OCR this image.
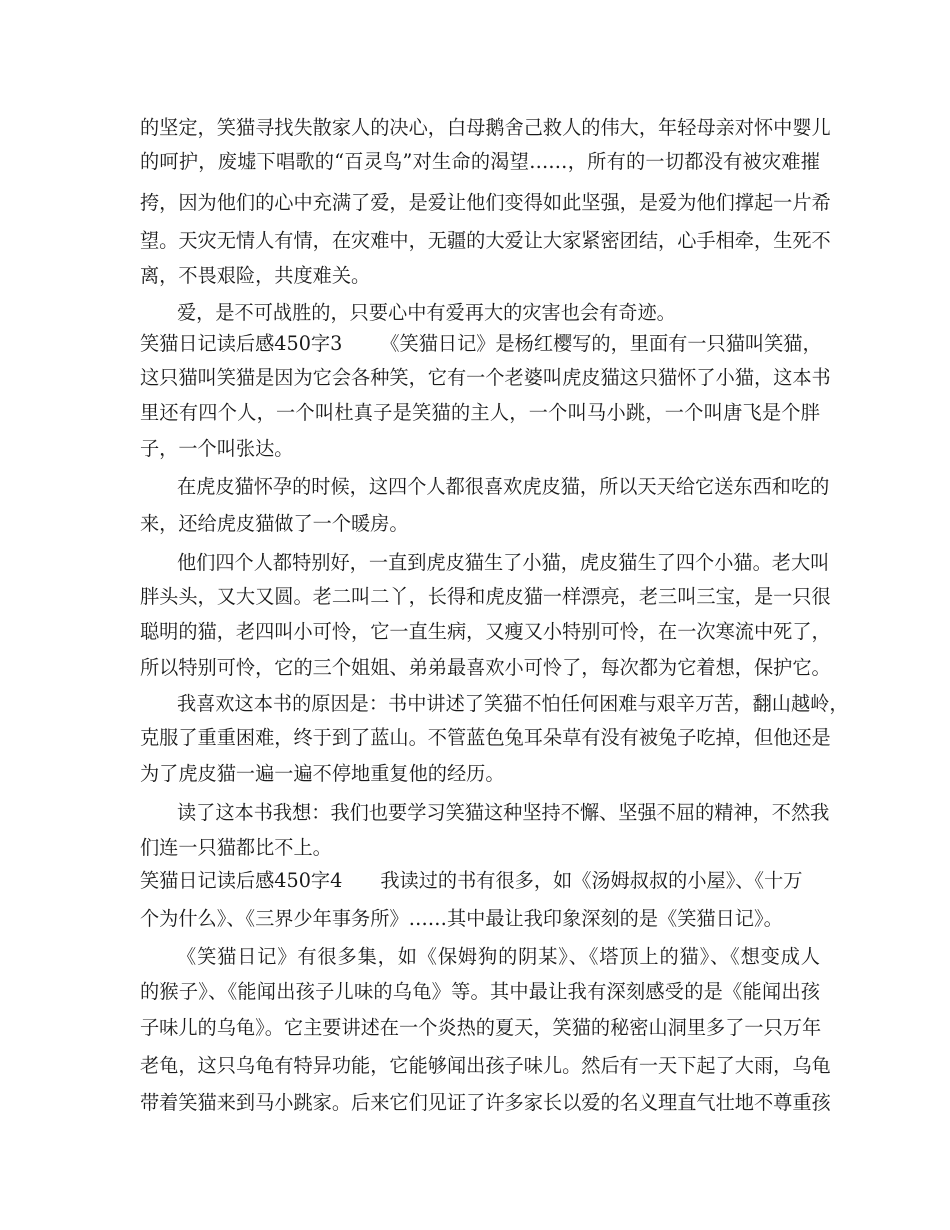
的坚定，笑猫寻找失散家人的决心，白母鹅舍己救人的伟大，年轻母亲对怀中婴儿
的呵护，废墟下唱歌的“百灵鸟”对生命的渴望……，所有的一切都没有被灾难摧
挎，因为他们的心中充满了爱，是爱让他们变得如此坚强，是爱为他们撑起一片希
望。天灾无情人有情，在灾难中，无疆的大爱让大家紧密团结，心手相牵，生死不
离，不畏艰险，共度难关。
爱，是不可战胜的，只要心中有爱再大的灾害也会有奇迹。
笑猫日记读后感450字3 《笑猫日记》是杨红樱写的，里面有一只猫叫笑猫，
这只猫叫笑猫是因为它会各种笑，它有一个老婆叫虎皮猫这只猫怀了小猫，这本书
里还有四个人，一个叫杜真子是笑猫的主人，一个叫马小跳，一个叫唐飞是个胖
子，一个叫张达。
在虎皮猫怀孕的时候，这四个人都很喜欢虎皮猫，所以天天给它送东西和吃的
来，还给虎皮猫做了一个暖房。
他们四个人都特别好，一直到虎皮猫生了小猫，虎皮猫生了四个小猫。老大叫
胖头头，又大又圆。老二叫二丫，长得和虎皮猫一样漂亮，老三叫三宝，是一只很
聪明的猫，老四叫小可怜，它一直生病，又瘦又小特别可怜，在一次寒流中死了，
所以特别可怜，它的三个姐姐、弟弟最喜欢小可怜了，每次都为它着想，保护它。
我喜欢这本书的原因是：书中讲述了笑猫不怕任何困难与艰辛万苦，翻山越岭，
克服了重重困难，终于到了蓝山。不管蓝色兔耳朵草有没有被兔子吃掉，但他还是
为了虎皮猫一遍一遍不停地重复他的经历。
读了这本书我想：我们也要学习笑猫这种坚持不懈、坚强不屈的精神，不然我
们连一只猫都比不上。
笑猫日记读后感450字4 我读过的书有很多，如《汤姆叔叔的小屋》、《十万
个为什么》、《三界少年事务所》……其中最让我印象深刻的是《笑猫日记》。
《笑猫日记》有很多集，如《保姆狗的阴某》、《塔顶上的猫》、《想变成人
的猴子》、《能闻出孩子儿味的乌龟》等。其中最让我有深刻感受的是《能闻出孩
子味儿的乌龟》。它主要讲述在一个炎热的夏天，笑猫的秘密山洞里多了一只万年
老龟，这只乌龟有特异功能，它能够闻出孩子味儿。然后有一天下起了大雨，乌龟
带着笑猫来到马小跳家。后来它们见证了许多家长以爱的名义理直气壮地不尊重孩
